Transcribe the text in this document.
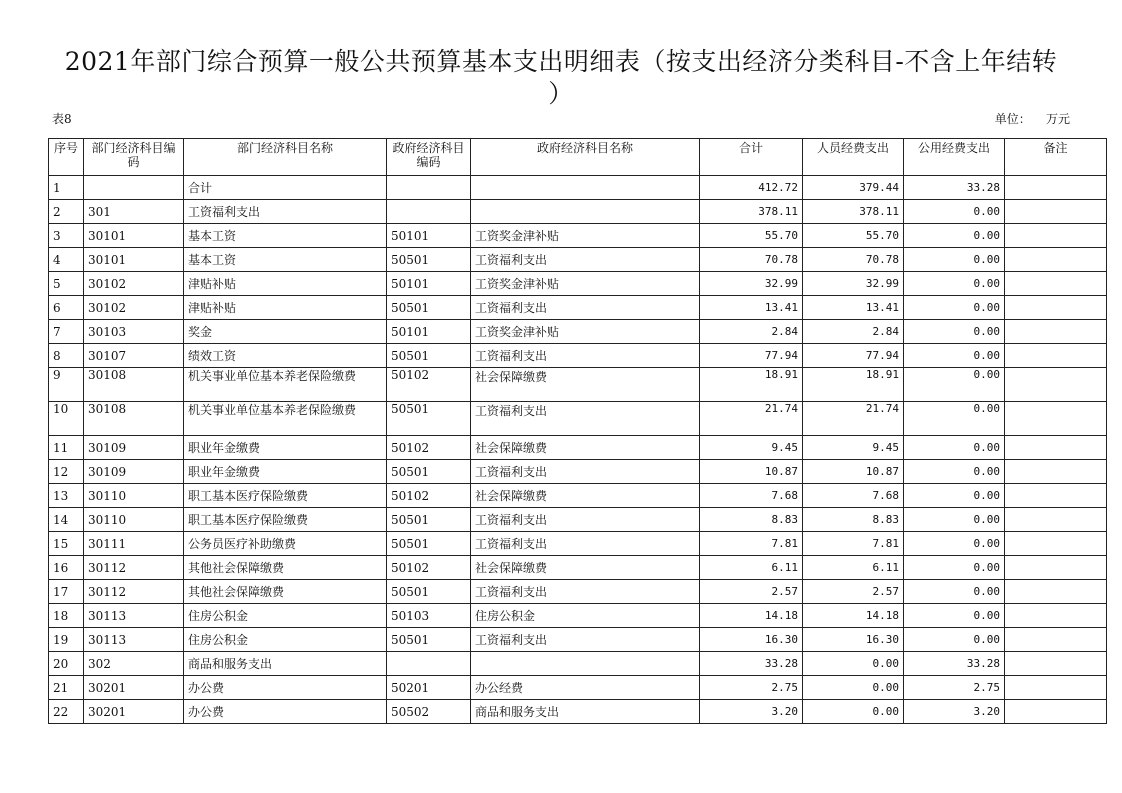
2021年部门综合预算一般公共预算基本支出明细表（按支出经济分类科目-不含上年结转
）
表8	单位： 万元
序号	部门经济科目编码	部门经济科目名称	政府经济科目编码	政府经济科目名称	合计	人员经费支出	公用经费支出	备注
1		合计			412.72	379.44	33.28	
2	301	工资福利支出			378.11	378.11	0.00	
3	30101	基本工资	50101	工资奖金津补贴	55.70	55.70	0.00	
4	30101	基本工资	50501	工资福利支出	70.78	70.78	0.00	
5	30102	津贴补贴	50101	工资奖金津补贴	32.99	32.99	0.00	
6	30102	津贴补贴	50501	工资福利支出	13.41	13.41	0.00	
7	30103	奖金	50101	工资奖金津补贴	2.84	2.84	0.00	
8	30107	绩效工资	50501	工资福利支出	77.94	77.94	0.00	
9	30108	机关事业单位基本养老保险缴费	50102	社会保障缴费	18.91	18.91	0.00	
10	30108	机关事业单位基本养老保险缴费	50501	工资福利支出	21.74	21.74	0.00	
11	30109	职业年金缴费	50102	社会保障缴费	9.45	9.45	0.00	
12	30109	职业年金缴费	50501	工资福利支出	10.87	10.87	0.00	
13	30110	职工基本医疗保险缴费	50102	社会保障缴费	7.68	7.68	0.00	
14	30110	职工基本医疗保险缴费	50501	工资福利支出	8.83	8.83	0.00	
15	30111	公务员医疗补助缴费	50501	工资福利支出	7.81	7.81	0.00	
16	30112	其他社会保障缴费	50102	社会保障缴费	6.11	6.11	0.00	
17	30112	其他社会保障缴费	50501	工资福利支出	2.57	2.57	0.00	
18	30113	住房公积金	50103	住房公积金	14.18	14.18	0.00	
19	30113	住房公积金	50501	工资福利支出	16.30	16.30	0.00	
20	302	商品和服务支出			33.28	0.00	33.28	
21	30201	办公费	50201	办公经费	2.75	0.00	2.75	
22	30201	办公费	50502	商品和服务支出	3.20	0.00	3.20	
